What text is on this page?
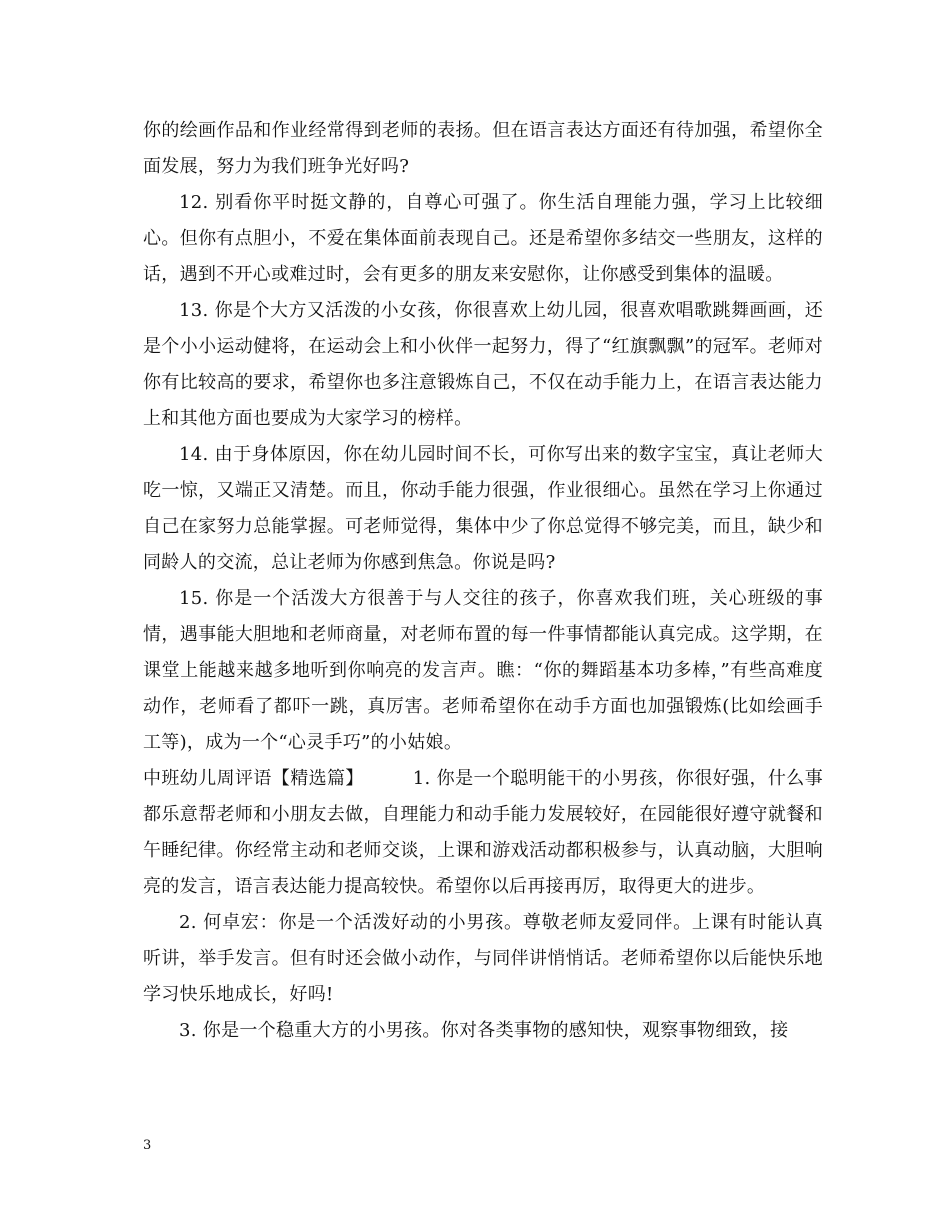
你的绘画作品和作业经常得到老师的表扬。但在语言表达方面还有待加强，希望你全面发展，努力为我们班争光好吗?

12. 别看你平时挺文静的，自尊心可强了。你生活自理能力强，学习上比较细心。但你有点胆小，不爱在集体面前表现自己。还是希望你多结交一些朋友，这样的话，遇到不开心或难过时，会有更多的朋友来安慰你，让你感受到集体的温暖。

13. 你是个大方又活泼的小女孩，你很喜欢上幼儿园，很喜欢唱歌跳舞画画，还是个小小运动健将，在运动会上和小伙伴一起努力，得了“红旗飘飘”的冠军。老师对你有比较高的要求，希望你也多注意锻炼自己，不仅在动手能力上，在语言表达能力上和其他方面也要成为大家学习的榜样。

14. 由于身体原因，你在幼儿园时间不长，可你写出来的数字宝宝，真让老师大吃一惊，又端正又清楚。而且，你动手能力很强，作业很细心。虽然在学习上你通过自己在家努力总能掌握。可老师觉得，集体中少了你总觉得不够完美，而且，缺少和同龄人的交流，总让老师为你感到焦急。你说是吗?

15. 你是一个活泼大方很善于与人交往的孩子，你喜欢我们班，关心班级的事情，遇事能大胆地和老师商量，对老师布置的每一件事情都能认真完成。这学期，在课堂上能越来越多地听到你响亮的发言声。瞧：“你的舞蹈基本功多棒，”有些高难度动作，老师看了都吓一跳，真厉害。老师希望你在动手方面也加强锻炼(比如绘画手工等)，成为一个“心灵手巧”的小姑娘。

中班幼儿周评语【精选篇】        1. 你是一个聪明能干的小男孩，你很好强，什么事都乐意帮老师和小朋友去做，自理能力和动手能力发展较好，在园能很好遵守就餐和午睡纪律。你经常主动和老师交谈，上课和游戏活动都积极参与，认真动脑，大胆响亮的发言，语言表达能力提高较快。希望你以后再接再厉，取得更大的进步。

2. 何卓宏：你是一个活泼好动的小男孩。尊敬老师友爱同伴。上课有时能认真听讲，举手发言。但有时还会做小动作，与同伴讲悄悄话。老师希望你以后能快乐地学习快乐地成长，好吗!

3. 你是一个稳重大方的小男孩。你对各类事物的感知快，观察事物细致，接

3
